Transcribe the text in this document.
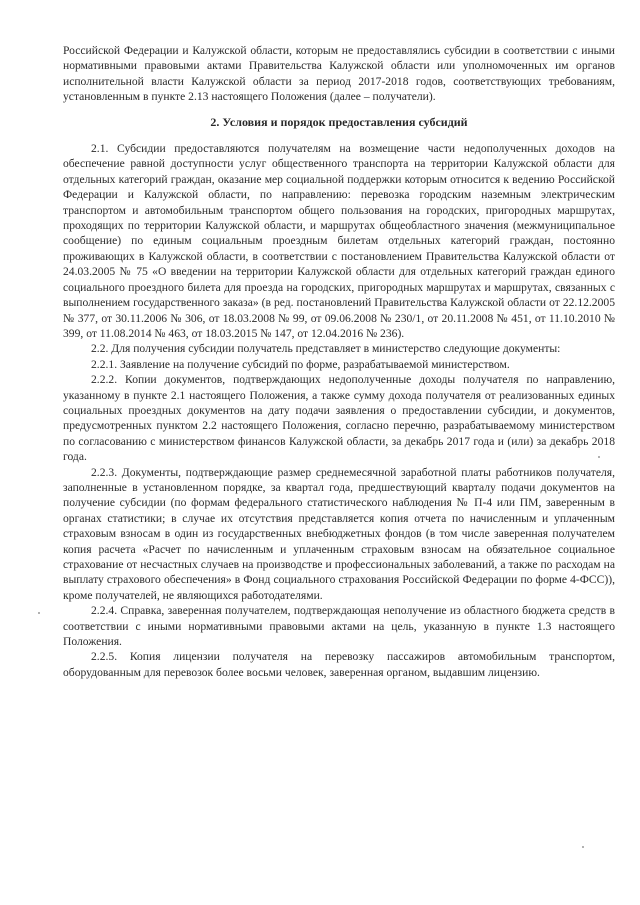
Российской Федерации и Калужской области, которым не предоставлялись субсидии в соответствии с иными нормативными правовыми актами Правительства Калужской области или уполномоченных им органов исполнительной власти Калужской области за период 2017-2018 годов, соответствующих требованиям, установленным в пункте 2.13 настоящего Положения (далее – получатели).

2. Условия и порядок предоставления субсидий

2.1. Субсидии предоставляются получателям на возмещение части недополученных доходов на обеспечение равной доступности услуг общественного транспорта на территории Калужской области для отдельных категорий граждан, оказание мер социальной поддержки которым относится к ведению Российской Федерации и Калужской области, по направлению: перевозка городским наземным электрическим транспортом и автомобильным транспортом общего пользования на городских, пригородных маршрутах, проходящих по территории Калужской области, и маршрутах общеобластного значения (межмуниципальное сообщение) по единым социальным проездным билетам отдельных категорий граждан, постоянно проживающих в Калужской области, в соответствии с постановлением Правительства Калужской области от 24.03.2005 № 75 «О введении на территории Калужской области для отдельных категорий граждан единого социального проездного билета для проезда на городских, пригородных маршрутах и маршрутах, связанных с выполнением государственного заказа» (в ред. постановлений Правительства Калужской области от 22.12.2005 № 377, от 30.11.2006 № 306, от 18.03.2008 № 99, от 09.06.2008 № 230/1, от 20.11.2008 № 451, от 11.10.2010 № 399, от 11.08.2014 № 463, от 18.03.2015 № 147, от 12.04.2016 № 236).

2.2. Для получения субсидии получатель представляет в министерство следующие документы:

2.2.1. Заявление на получение субсидий по форме, разрабатываемой министерством.

2.2.2. Копии документов, подтверждающих недополученные доходы получателя по направлению, указанному в пункте 2.1 настоящего Положения, а также сумму дохода получателя от реализованных единых социальных проездных документов на дату подачи заявления о предоставлении субсидии, и документов, предусмотренных пунктом 2.2 настоящего Положения, согласно перечню, разрабатываемому министерством по согласованию с министерством финансов Калужской области, за декабрь 2017 года и (или) за декабрь 2018 года.

2.2.3. Документы, подтверждающие размер среднемесячной заработной платы работников получателя, заполненные в установленном порядке, за квартал года, предшествующий кварталу подачи документов на получение субсидии (по формам федерального статистического наблюдения № П-4 или ПМ, заверенным в органах статистики; в случае их отсутствия представляется копия отчета по начисленным и уплаченным страховым взносам в один из государственных внебюджетных фондов (в том числе заверенная получателем копия расчета «Расчет по начисленным и уплаченным страховым взносам на обязательное социальное страхование от несчастных случаев на производстве и профессиональных заболеваний, а также по расходам на выплату страхового обеспечения» в Фонд социального страхования Российской Федерации по форме 4-ФСС)), кроме получателей, не являющихся работодателями.

2.2.4. Справка, заверенная получателем, подтверждающая неполучение из областного бюджета средств в соответствии с иными нормативными правовыми актами на цель, указанную в пункте 1.3 настоящего Положения.

2.2.5. Копия лицензии получателя на перевозку пассажиров автомобильным транспортом, оборудованным для перевозок более восьми человек, заверенная органом, выдавшим лицензию.
